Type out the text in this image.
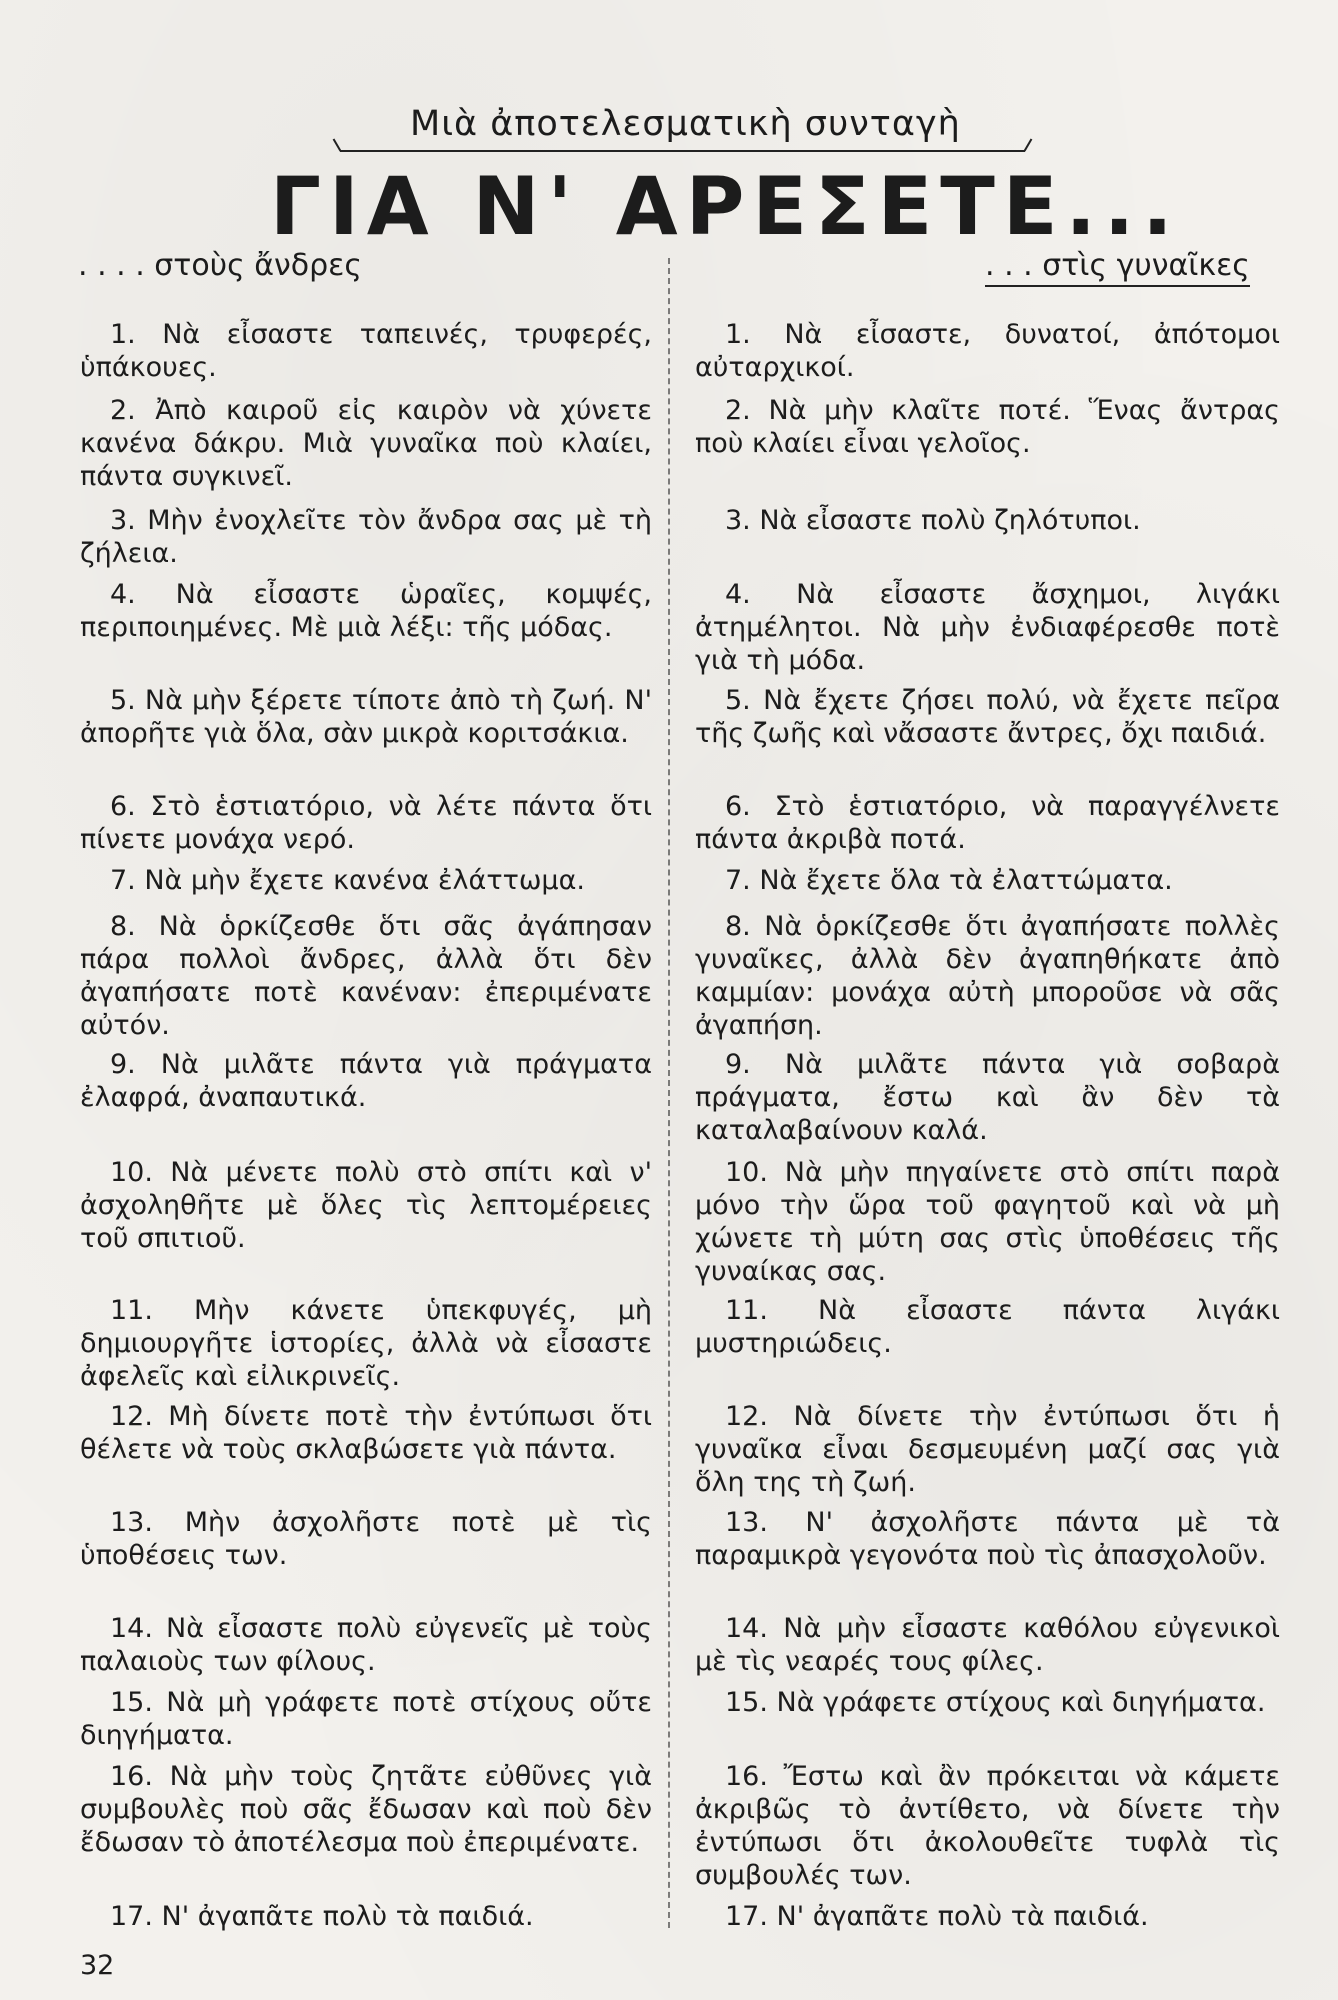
Μιὰ ἀποτελεσματικὴ συνταγὴ
ΓΙΑ Ν' ΑΡΕΣΕΤΕ...
. . . . στοὺς ἄνδρες	. . . στὶς γυναῖκες

1. Νὰ εἶσαστε ταπεινές, τρυφερές, ὑπάκουες.

2. Ἀπὸ καιροῦ εἰς καιρὸν νὰ χύνετε κανένα δάκρυ. Μιὰ γυναῖκα ποὺ κλαίει, πάντα συγκινεῖ.

3. Μὴν ἐνοχλεῖτε τὸν ἄνδρα σας μὲ τὴ ζήλεια.

4. Νὰ εἶσαστε ὡραῖες, κομψές, περιποιημένες. Μὲ μιὰ λέξι: τῆς μόδας.

5. Νὰ μὴν ξέρετε τίποτε ἀπὸ τὴ ζωή. Ν' ἀπορῆτε γιὰ ὅλα, σὰν μικρὰ κοριτσάκια.

6. Στὸ ἑστιατόριο, νὰ λέτε πάντα ὅτι πίνετε μονάχα νερό.

7. Νὰ μὴν ἔχετε κανένα ἐλάττωμα.

8. Νὰ ὁρκίζεσθε ὅτι σᾶς ἀγάπησαν πάρα πολλοὶ ἄνδρες, ἀλλὰ ὅτι δὲν ἀγαπήσατε ποτὲ κανέναν: ἐπεριμένατε αὐτόν.

9. Νὰ μιλᾶτε πάντα γιὰ πράγματα ἐλαφρά, ἀναπαυτικά.

10. Νὰ μένετε πολὺ στὸ σπίτι καὶ ν' ἀσχοληθῆτε μὲ ὅλες τὶς λεπτομέρειες τοῦ σπιτιοῦ.

11. Μὴν κάνετε ὑπεκφυγές, μὴ δημιουργῆτε ἱστορίες, ἀλλὰ νὰ εἶσαστε ἀφελεῖς καὶ εἰλικρινεῖς.

12. Μὴ δίνετε ποτὲ τὴν ἐντύπωσι ὅτι θέλετε νὰ τοὺς σκλαβώσετε γιὰ πάντα.

13. Μὴν ἀσχολῆστε ποτὲ μὲ τὶς ὑποθέσεις των.

14. Νὰ εἶσαστε πολὺ εὐγενεῖς μὲ τοὺς παλαιοὺς των φίλους.

15. Νὰ μὴ γράφετε ποτὲ στίχους οὔτε διηγήματα.

16. Νὰ μὴν τοὺς ζητᾶτε εὐθῦνες γιὰ συμβουλὲς ποὺ σᾶς ἔδωσαν καὶ ποὺ δὲν ἔδωσαν τὸ ἀποτέλεσμα ποὺ ἐπεριμένατε.

17. Ν' ἀγαπᾶτε πολὺ τὰ παιδιά.

1. Νὰ εἶσαστε, δυνατοί, ἀπότομοι αὐταρχικοί.

2. Νὰ μὴν κλαῖτε ποτέ. Ἕνας ἄντρας ποὺ κλαίει εἶναι γελοῖος.

3. Νὰ εἶσαστε πολὺ ζηλότυποι.

4. Νὰ εἶσαστε ἄσχημοι, λιγάκι ἀτημέλητοι. Νὰ μὴν ἐνδιαφέρεσθε ποτὲ γιὰ τὴ μόδα.

5. Νὰ ἔχετε ζήσει πολύ, νὰ ἔχετε πεῖρα τῆς ζωῆς καὶ νἄσαστε ἄντρες, ὄχι παιδιά.

6. Στὸ ἑστιατόριο, νὰ παραγγέλνετε πάντα ἀκριβὰ ποτά.

7. Νὰ ἔχετε ὅλα τὰ ἐλαττώματα.

8. Νὰ ὁρκίζεσθε ὅτι ἀγαπήσατε πολλὲς γυναῖκες, ἀλλὰ δὲν ἀγαπηθήκατε ἀπὸ καμμίαν: μονάχα αὐτὴ μποροῦσε νὰ σᾶς ἀγαπήση.

9. Νὰ μιλᾶτε πάντα γιὰ σοβαρὰ πράγματα, ἔστω καὶ ἂν δὲν τὰ καταλαβαίνουν καλά.

10. Νὰ μὴν πηγαίνετε στὸ σπίτι παρὰ μόνο τὴν ὥρα τοῦ φαγητοῦ καὶ νὰ μὴ χώνετε τὴ μύτη σας στὶς ὑποθέσεις τῆς γυναίκας σας.

11. Νὰ εἶσαστε πάντα λιγάκι μυστηριώδεις.

12. Νὰ δίνετε τὴν ἐντύπωσι ὅτι ἡ γυναῖκα εἶναι δεσμευμένη μαζί σας γιὰ ὅλη της τὴ ζωή.

13. Ν' ἀσχολῆστε πάντα μὲ τὰ παραμικρὰ γεγονότα ποὺ τὶς ἀπασχολοῦν.

14. Νὰ μὴν εἶσαστε καθόλου εὐγενικοὶ μὲ τὶς νεαρές τους φίλες.

15. Νὰ γράφετε στίχους καὶ διηγήματα.

16. Ἔστω καὶ ἂν πρόκειται νὰ κάμετε ἀκριβῶς τὸ ἀντίθετο, νὰ δίνετε τὴν ἐντύπωσι ὅτι ἀκολουθεῖτε τυφλὰ τὶς συμβουλές των.

17. Ν' ἀγαπᾶτε πολὺ τὰ παιδιά.

32
